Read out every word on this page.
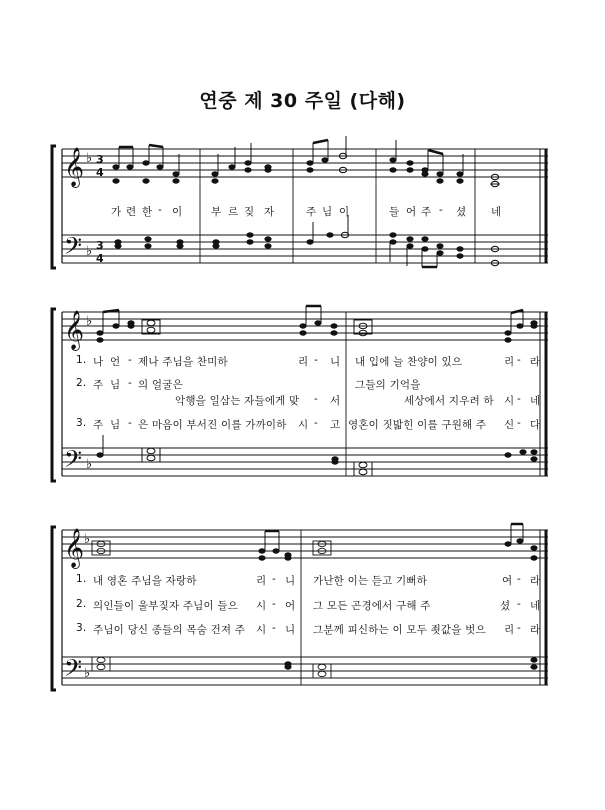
연중 제 30 주일 (다해)
𝄞
𝄢
♭
♭
3
4
3
4
𝄞
𝄢
♭
♭
𝄞
𝄢
♭
♭
가 련 한 - 이	부 르 짖 자	주 님 이	들 어 주 - 셨 네
1. 나 언 - 제나 주님을 찬미하	리 - 니 내 입에 늘 찬양이 있으	리 - 라
2. 주 님 - 의 얼굴은	그들의 기억을
악행을 일삼는 자들에게 맞 - 서	세상에서 지우려 하 시 - 네
3. 주 님 - 은 마음이 부서진 이를 가까이하 시 - 고 영혼이 짓밟힌 이를 구원해 주 신 - 다
1. 내 영혼 주님을 자랑하	리 - 니 가난한 이는 듣고 기뻐하	여 - 라
2. 의인들이 울부짖자 주님이 들으 시 - 어 그 모든 곤경에서 구해 주	셨 - 네
3. 주님이 당신 종들의 목숨 건져 주 시 - 니 그분께 피신하는 이 모두 죗값을 벗으 리 - 라
